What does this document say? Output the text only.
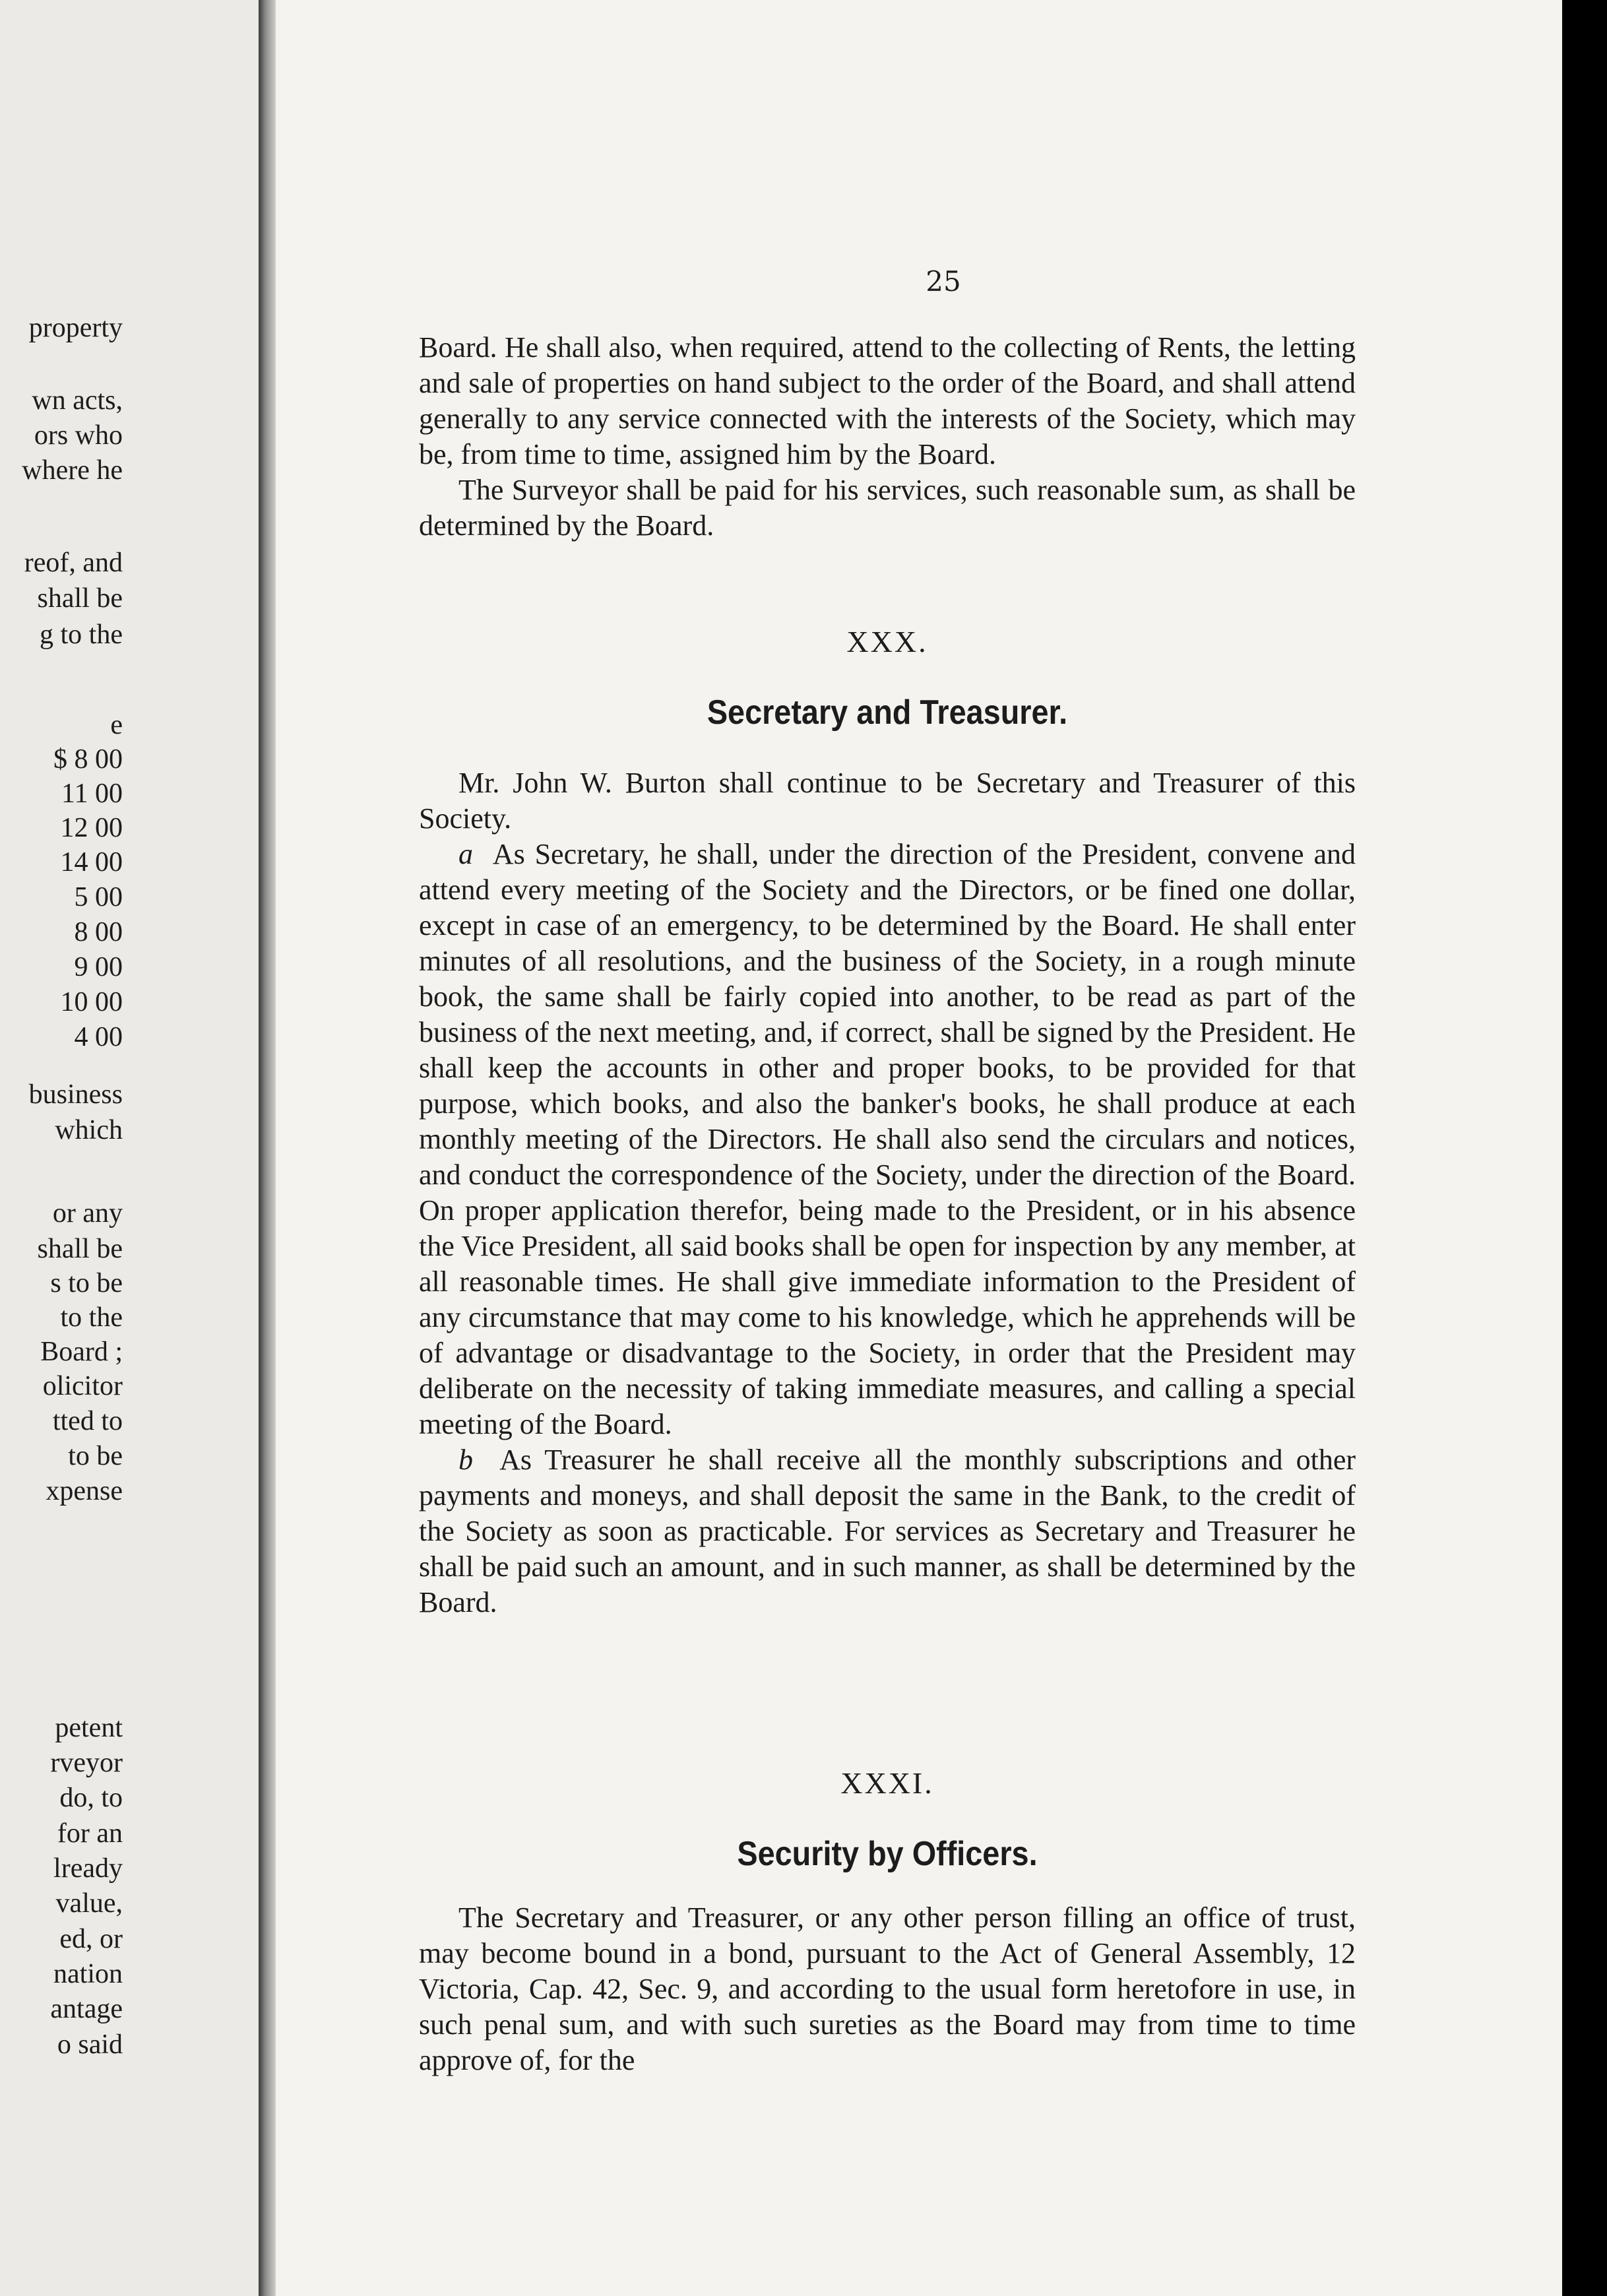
property
wn acts,
ors who
where he
reof, and
shall be
g to the
e
$ 8 00
11 00
12 00
14 00
5 00
8 00
9 00
10 00
4 00
business
which
or any
shall be
s to be
to the
Board ;
olicitor
tted to
to be
xpense
petent
rveyor
do, to
for an
lready
value,
ed, or
nation
antage
o said
25

Board. He shall also, when required, attend to the collecting of Rents, the letting and sale of properties on hand subject to the order of the Board, and shall attend generally to any service connected with the interests of the Society, which may be, from time to time, assigned him by the Board.

The Surveyor shall be paid for his services, such reasonable sum, as shall be determined by the Board.

XXX.
Secretary and Treasurer.

Mr. John W. Burton shall continue to be Secretary and Treasurer of this Society.

a As Secretary, he shall, under the direction of the President, convene and attend every meeting of the Society and the Directors, or be fined one dollar, except in case of an emergency, to be determined by the Board. He shall enter minutes of all resolutions, and the business of the Society, in a rough minute book, the same shall be fairly copied into another, to be read as part of the business of the next meeting, and, if correct, shall be signed by the President. He shall keep the accounts in other and proper books, to be provided for that purpose, which books, and also the banker's books, he shall produce at each monthly meeting of the Directors. He shall also send the circulars and notices, and conduct the correspondence of the Society, under the direction of the Board. On proper application therefor, being made to the President, or in his absence the Vice President, all said books shall be open for inspection by any member, at all reasonable times. He shall give immediate information to the President of any circumstance that may come to his knowledge, which he apprehends will be of advantage or disadvantage to the Society, in order that the President may deliberate on the necessity of taking immediate measures, and calling a special meeting of the Board.

b As Treasurer he shall receive all the monthly subscriptions and other payments and moneys, and shall deposit the same in the Bank, to the credit of the Society as soon as practicable. For services as Secretary and Treasurer he shall be paid such an amount, and in such manner, as shall be determined by the Board.

XXXI.
Security by Officers.

The Secretary and Treasurer, or any other person filling an office of trust, may become bound in a bond, pursuant to the Act of General Assembly, 12 Victoria, Cap. 42, Sec. 9, and according to the usual form heretofore in use, in such penal sum, and with such sureties as the Board may from time to time approve of, for the
